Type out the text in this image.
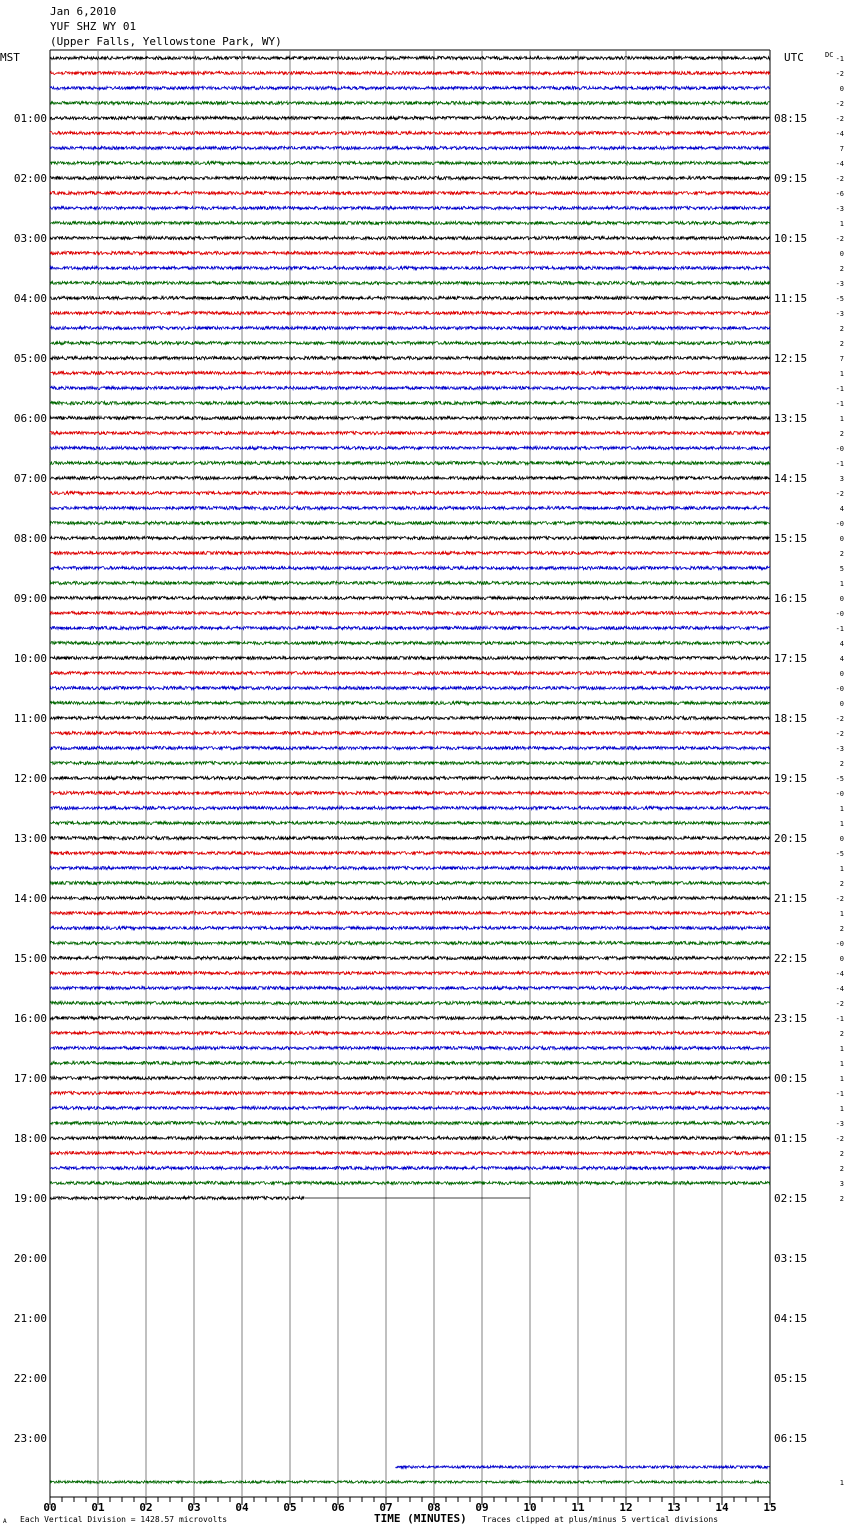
Jan 6,2010
YUF SHZ WY 01
(Upper Falls, Yellowstone Park, WY)
00	01	02	03	04	05	06	07	08	09	10	11	12	13	14	15
MST	UTC	DC
01:00
02:00
03:00
04:00
05:00
06:00
07:00
08:00
09:00
10:00
11:00
12:00
13:00
14:00
15:00
16:00
17:00
18:00
19:00
20:00
21:00
22:00
23:00
08:15
09:15
10:15
11:15
12:15
13:15
14:15
15:15
16:15
17:15
18:15
19:15
20:15
21:15
22:15
23:15
00:15
01:15
02:15
03:15
04:15
05:15
06:15
-1
-2
0
-2
-2
-4
7
-4
-2
-6
-3
1
-2
0
2
-3
-5
-3
2
2
7
1
-1
-1
1
2
-0
-1
3
-2
4
-0
0
2
5
1
0
-0
-1
4
4
0
-0
0
-2
-2
-3
2
-5
-0
1
1
0
-5
1
2
-2
1
2
-0
0
-4
-4
-2
-1
2
1
1
1
-1
1
-3
-2
2
2
3
2
1
A Each Vertical Division = 1428.57 microvolts	TIME (MINUTES) Traces clipped at plus/minus 5 vertical divisions
